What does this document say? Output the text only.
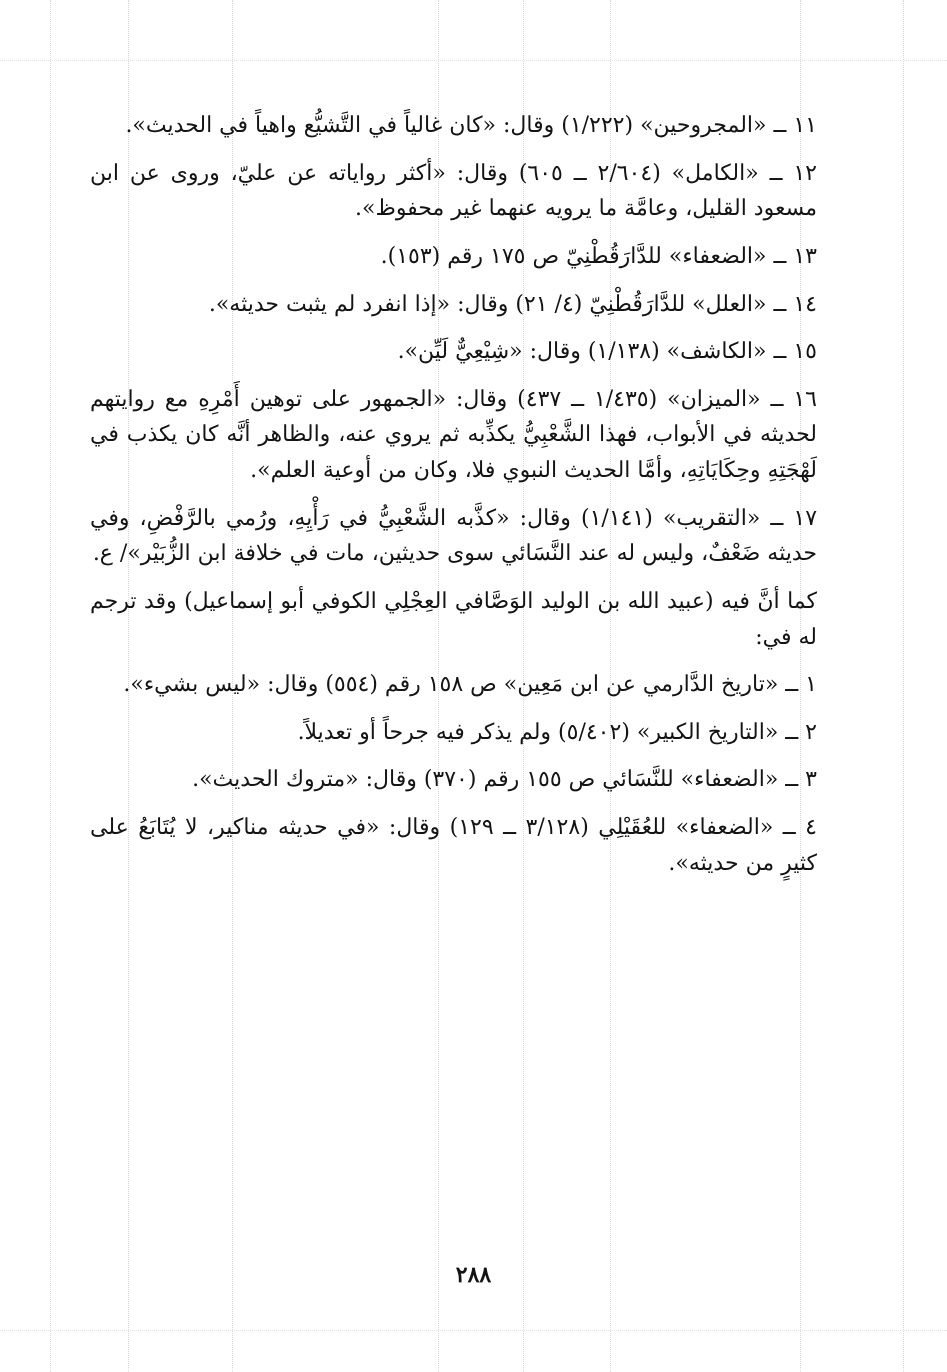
١١ ــ «المجروحين» (١/٢٢٢) وقال: «كان غالياً في التَّشيُّع واهياً في الحديث».

١٢ ــ «الكامل» (٢/٦٠٤ ــ ٦٠٥) وقال: «أكثر رواياته عن عليّ، وروى عن ابن مسعود القليل، وعامَّة ما يرويه عنهما غير محفوظ».

١٣ ــ «الضعفاء» للدَّارَقُطْنِيّ ص ١٧٥ رقم (١٥٣).

١٤ ــ «العلل» للدَّارَقُطْنِيّ (٤/ ٢١) وقال: «إذا انفرد لم يثبت حديثه».

١٥ ــ «الكاشف» (١/١٣٨) وقال: «شِيْعِيٌّ لَيِّن».

١٦ ــ «الميزان» (١/٤٣٥ ــ ٤٣٧) وقال: «الجمهور على توهين أَمْرِهِ مع روايتهم لحديثه في الأبواب، فهذا الشَّعْبِيُّ يكذِّبه ثم يروي عنه، والظاهر أنَّه كان يكذب في لَهْجَتِهِ وحِكَايَاتِهِ، وأمَّا الحديث النبوي فلا، وكان من أوعية العلم».

١٧ ــ «التقريب» (١/١٤١) وقال: «كذَّبه الشَّعْبِيُّ في رَأْيِهِ، ورُمي بالرَّفْضِ، وفي حديثه ضَعْفٌ، وليس له عند النَّسَائي سوى حديثين، مات في خلافة ابن الزُّبَيْر»/ ع.

كما أنَّ فيه (عبيد الله بن الوليد الوَصَّافي العِجْلِي الكوفي أبو إسماعيل) وقد ترجم له في:

١ ــ «تاريخ الدَّارمي عن ابن مَعِين» ص ١٥٨ رقم (٥٥٤) وقال: «ليس بشيء».

٢ ــ «التاريخ الكبير» (٥/٤٠٢) ولم يذكر فيه جرحاً أو تعديلاً.

٣ ــ «الضعفاء» للنَّسَائي ص ١٥٥ رقم (٣٧٠) وقال: «متروك الحديث».

٤ ــ «الضعفاء» للعُقَيْلِي (٣/١٢٨ ــ ١٢٩) وقال: «في حديثه مناكير، لا يُتَابَعُ على كثيرٍ من حديثه».

٢٨٨
